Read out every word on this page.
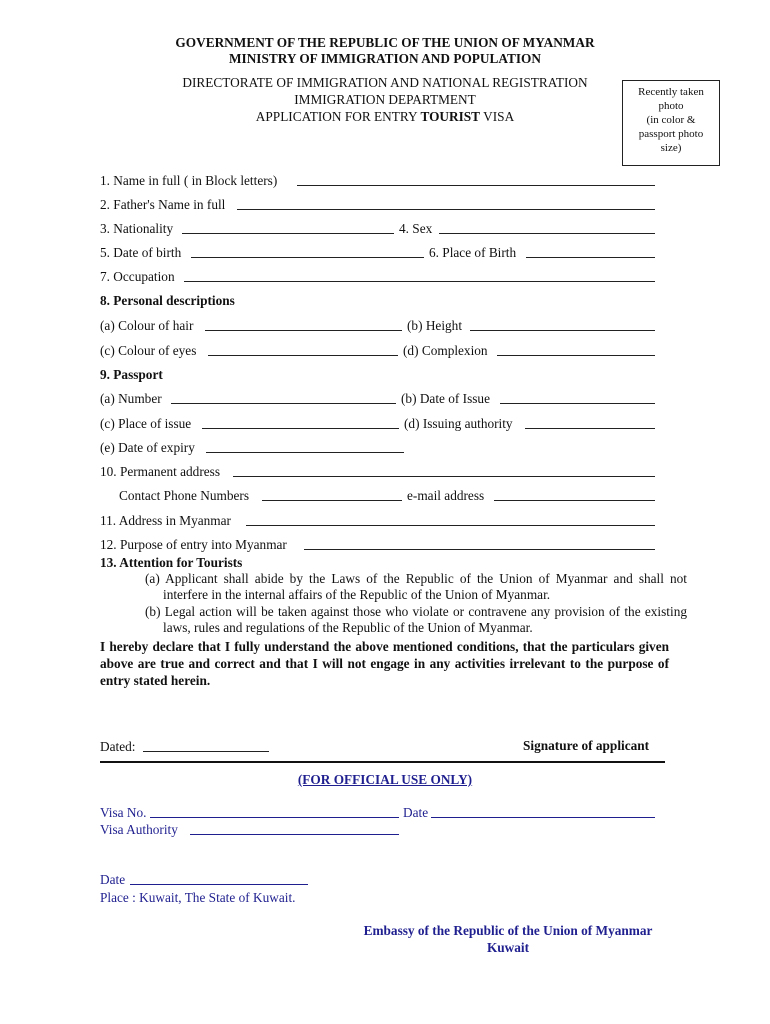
GOVERNMENT OF THE REPUBLIC OF THE UNION OF MYANMAR
MINISTRY OF IMMIGRATION AND POPULATION
DIRECTORATE OF IMMIGRATION AND NATIONAL REGISTRATION
IMMIGRATION DEPARTMENT
APPLICATION FOR ENTRY TOURIST VISA
Recently taken
photo
(in color &
passport photo
size)
1. Name in full ( in Block letters)
2. Father's Name in full
3. Nationality	4. Sex
5. Date of birth	6. Place of Birth
7. Occupation
8. Personal descriptions
(a) Colour of hair	(b) Height
(c) Colour of eyes	(d) Complexion
9. Passport
(a) Number	(b) Date of Issue
(c) Place of issue	(d) Issuing authority
(e) Date of expiry
10. Permanent address
Contact Phone Numbers	e-mail address
11. Address in Myanmar
12. Purpose of entry into Myanmar
13. Attention for Tourists
(a) Applicant shall abide by the Laws of the Republic of the Union of Myanmar and shall not interfere in the internal affairs of the Republic of the Union of Myanmar.
(b) Legal action will be taken against those who violate or contravene any provision of the existing laws, rules and regulations of the Republic of the Union of Myanmar.
I hereby declare that I fully understand the above mentioned conditions, that the particulars given above are true and correct and that I will not engage in any activities irrelevant to the purpose of entry stated herein.
Dated:	Signature of applicant
(FOR OFFICIAL USE ONLY)
Visa No.	Date
Visa Authority
Date
Place : Kuwait, The State of Kuwait.
Embassy of the Republic of the Union of Myanmar
Kuwait
